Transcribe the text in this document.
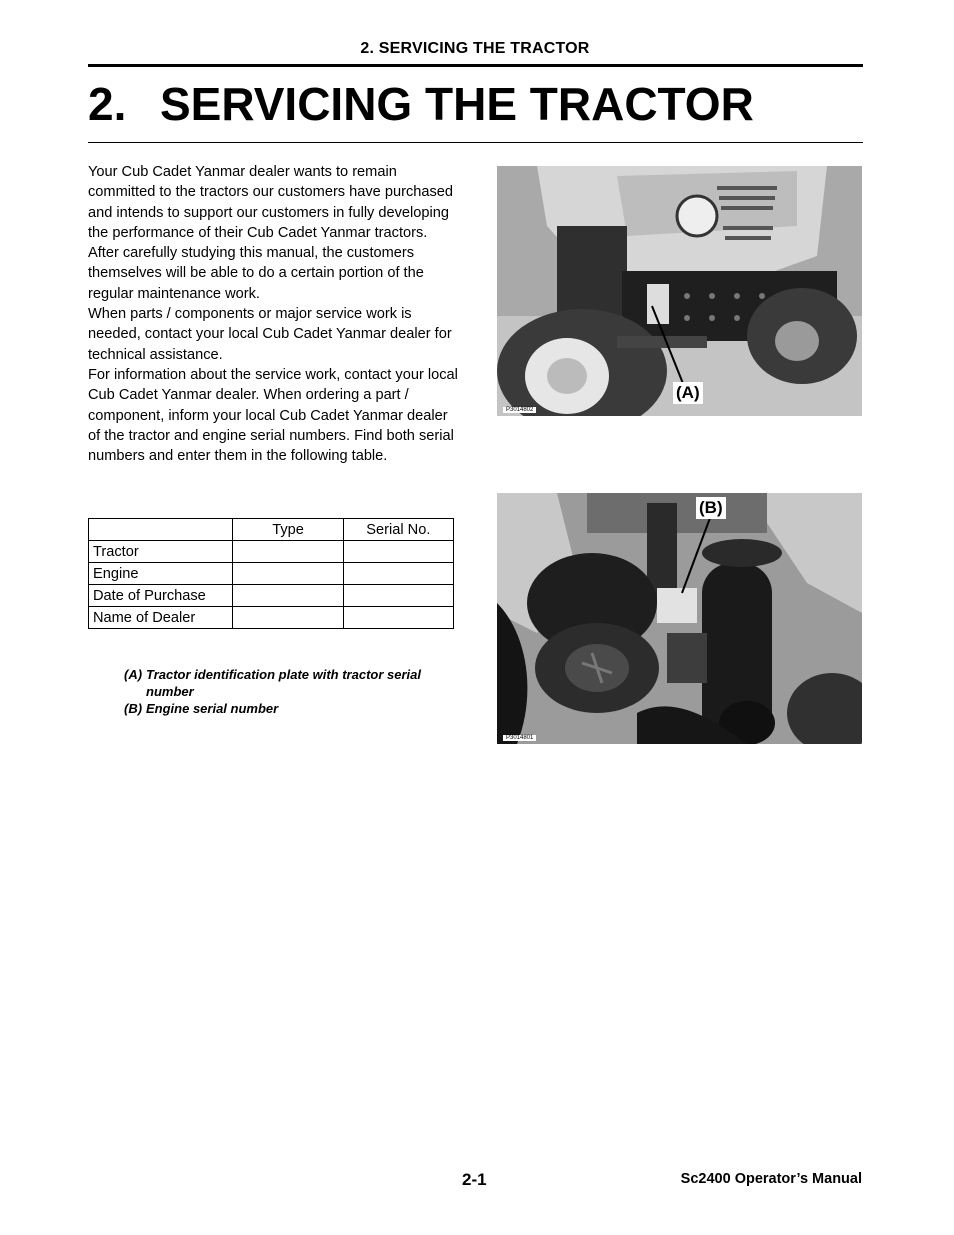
2. SERVICING THE TRACTOR
2. SERVICING THE TRACTOR

Your Cub Cadet Yanmar dealer wants to remain committed to the tractors our customers have purchased and intends to support our customers in fully developing the performance of their Cub Cadet Yanmar tractors. After carefully studying this manual, the customers themselves will be able to do a certain portion of the regular maintenance work.

When parts / components or major service work is needed, contact your local Cub Cadet Yanmar dealer for technical assistance.

For information about the service work, contact your local Cub Cadet Yanmar dealer. When ordering a part / component, inform your local Cub Cadet Yanmar dealer of the tractor and engine serial numbers. Find both serial numbers and enter them in the following table.

	Type	Serial No.
Tractor		
Engine		
Date of Purchase		
Name of Dealer		
(A) Tractor identification plate with tractor serial number
(B) Engine serial number
(A)
P3014802
(B)
P3014801
2-1	Sc2400 Operator’s Manual
